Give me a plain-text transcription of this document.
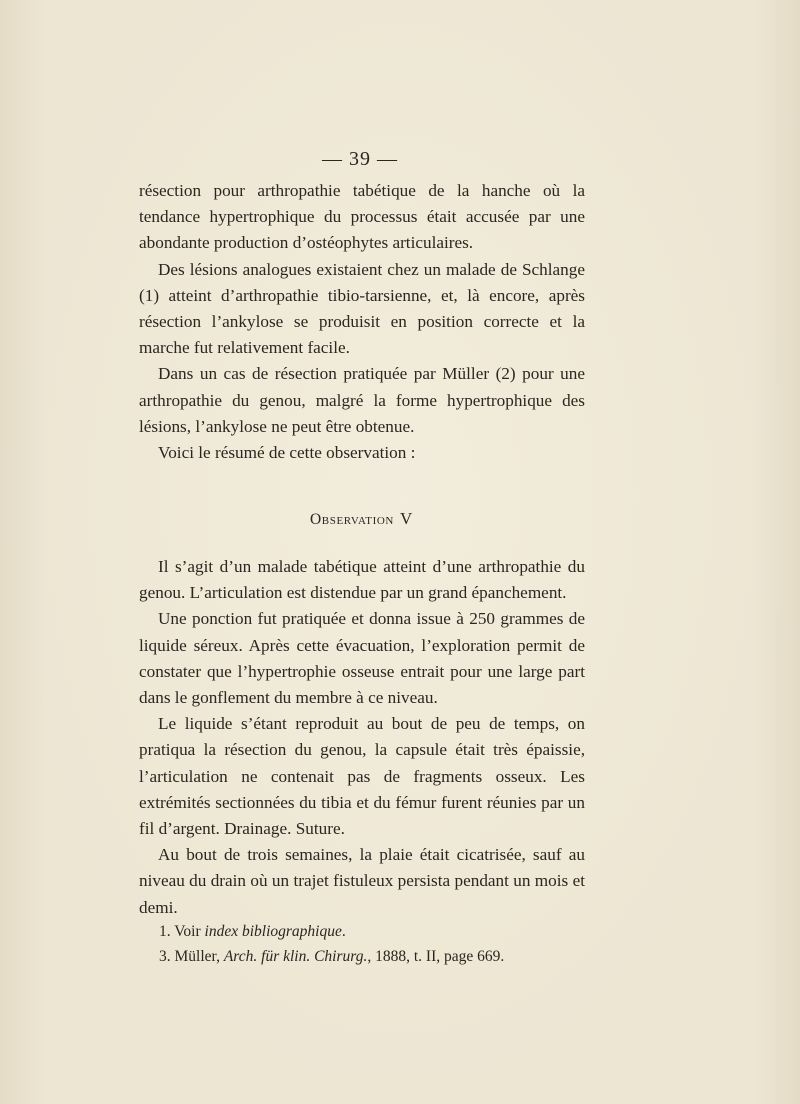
— 39 —

résection pour arthropathie tabétique de la hanche où la tendance hypertrophique du processus était accusée par une abondante production d’ostéophytes articulaires.

Des lésions analogues existaient chez un malade de Schlange (1) atteint d’arthropathie tibio-tarsienne, et, là encore, après résection l’ankylose se produisit en position correcte et la marche fut relativement facile.

Dans un cas de résection pratiquée par Müller (2) pour une arthropathie du genou, malgré la forme hypertrophique des lésions, l’ankylose ne peut être obtenue.

Voici le résumé de cette observation :

Observation V

Il s’agit d’un malade tabétique atteint d’une arthropathie du genou. L’articulation est distendue par un grand épanchement.

Une ponction fut pratiquée et donna issue à 250 grammes de liquide séreux. Après cette évacuation, l’exploration permit de constater que l’hypertrophie osseuse entrait pour une large part dans le gonflement du membre à ce niveau.

Le liquide s’étant reproduit au bout de peu de temps, on pratiqua la résection du genou, la capsule était très épaissie, l’articulation ne contenait pas de fragments osseux. Les extrémités sectionnées du tibia et du fémur furent réunies par un fil d’argent. Drainage. Suture.

Au bout de trois semaines, la plaie était cicatrisée, sauf au niveau du drain où un trajet fistuleux persista pendant un mois et demi.

1. Voir index bibliographique.
3. Müller, Arch. für klin. Chirurg., 1888, t. II, page 669.
